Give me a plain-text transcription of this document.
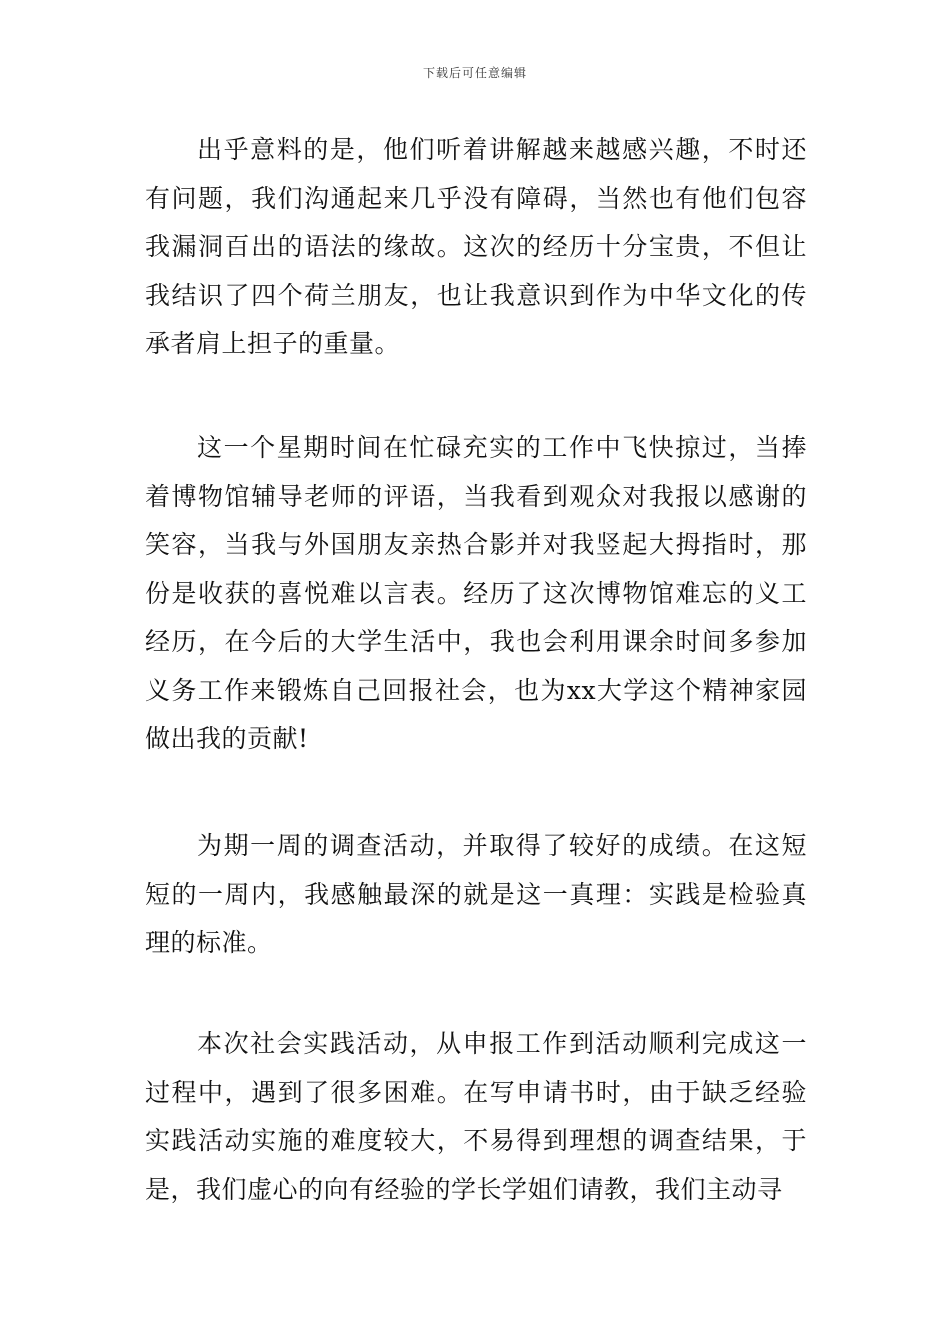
下载后可任意编辑

出乎意料的是，他们听着讲解越来越感兴趣，不时还有问题，我们沟通起来几乎没有障碍，当然也有他们包容我漏洞百出的语法的缘故。这次的经历十分宝贵，不但让我结识了四个荷兰朋友，也让我意识到作为中华文化的传承者肩上担子的重量。

这一个星期时间在忙碌充实的工作中飞快掠过，当捧着博物馆辅导老师的评语，当我看到观众对我报以感谢的笑容，当我与外国朋友亲热合影并对我竖起大拇指时，那份是收获的喜悦难以言表。经历了这次博物馆难忘的义工经历，在今后的大学生活中，我也会利用课余时间多参加义务工作来锻炼自己回报社会，也为xx大学这个精神家园做出我的贡献!

为期一周的调查活动，并取得了较好的成绩。在这短短的一周内，我感触最深的就是这一真理：实践是检验真理的标准。

本次社会实践活动，从申报工作到活动顺利完成这一过程中，遇到了很多困难。在写申请书时，由于缺乏经验实践活动实施的难度较大，不易得到理想的调查结果，于是，我们虚心的向有经验的学长学姐们请教，我们主动寻
